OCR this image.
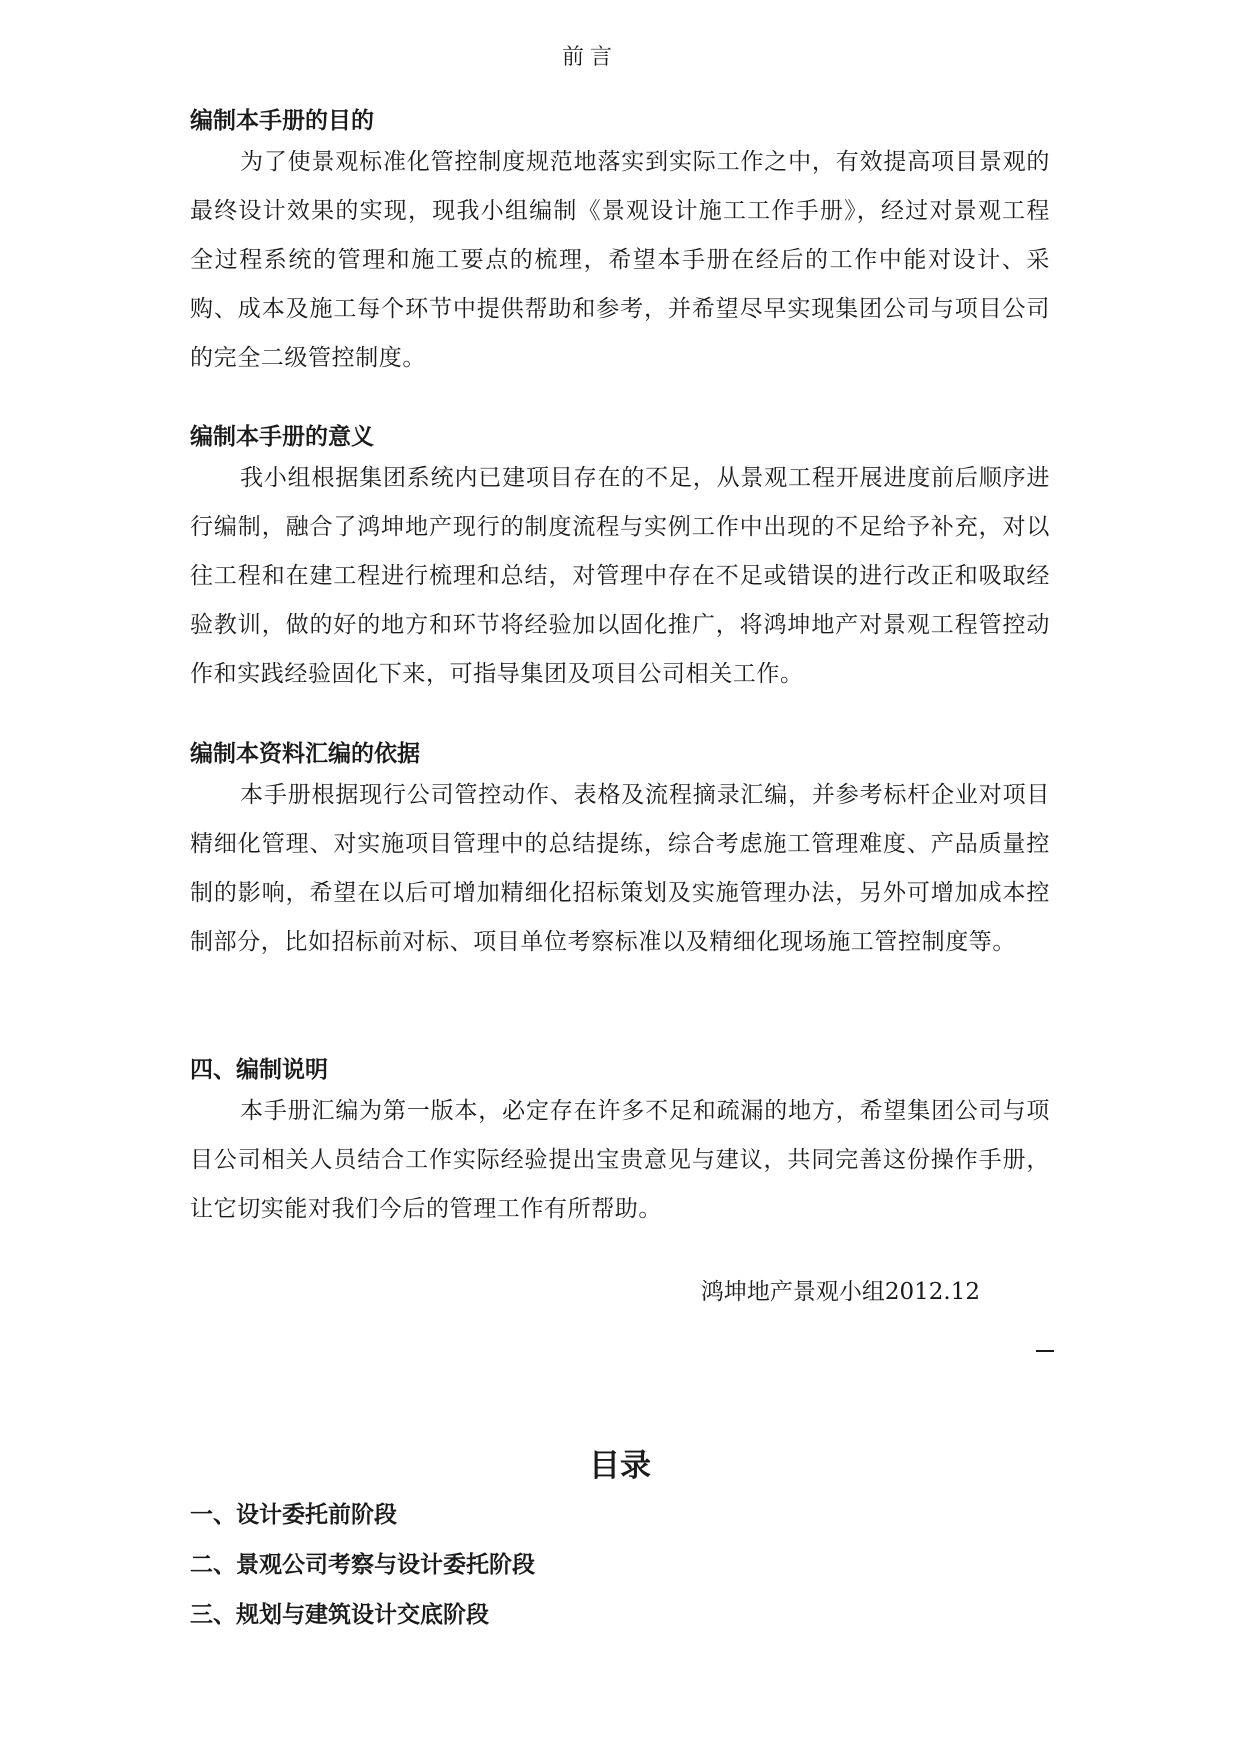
前言
编制本手册的目的
为了使景观标准化管控制度规范地落实到实际工作之中，有效提高项目景观的最终设计效果的实现，现我小组编制《景观设计施工工作手册》，经过对景观工程全过程系统的管理和施工要点的梳理，希望本手册在经后的工作中能对设计、采购、成本及施工每个环节中提供帮助和参考，并希望尽早实现集团公司与项目公司的完全二级管控制度。
编制本手册的意义
我小组根据集团系统内已建项目存在的不足，从景观工程开展进度前后顺序进行编制，融合了鸿坤地产现行的制度流程与实例工作中出现的不足给予补充，对以往工程和在建工程进行梳理和总结，对管理中存在不足或错误的进行改正和吸取经验教训，做的好的地方和环节将经验加以固化推广，将鸿坤地产对景观工程管控动作和实践经验固化下来，可指导集团及项目公司相关工作。
编制本资料汇编的依据
本手册根据现行公司管控动作、表格及流程摘录汇编，并参考标杆企业对项目精细化管理、对实施项目管理中的总结提练，综合考虑施工管理难度、产品质量控制的影响，希望在以后可增加精细化招标策划及实施管理办法，另外可增加成本控制部分，比如招标前对标、项目单位考察标准以及精细化现场施工管控制度等。
四、编制说明
本手册汇编为第一版本，必定存在许多不足和疏漏的地方，希望集团公司与项目公司相关人员结合工作实际经验提出宝贵意见与建议，共同完善这份操作手册，让它切实能对我们今后的管理工作有所帮助。
鸿坤地产景观小组2012.12
目录
一、设计委托前阶段
二、景观公司考察与设计委托阶段
三、规划与建筑设计交底阶段
